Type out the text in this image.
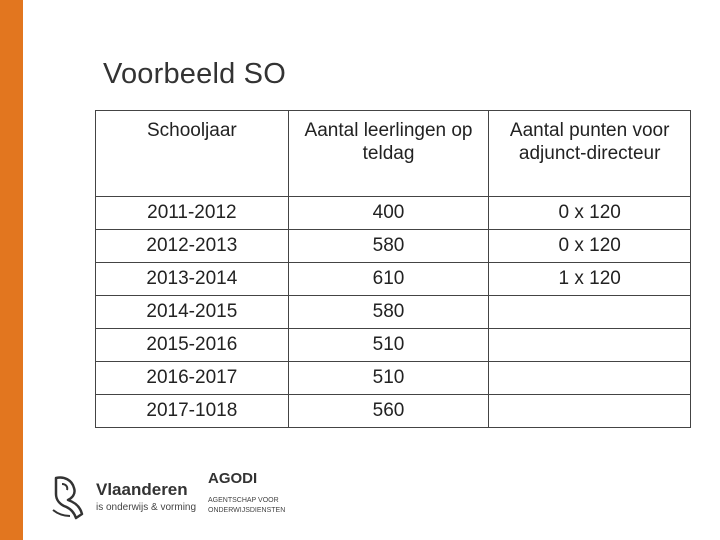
Voorbeeld SO
Schooljaar	Aantal leerlingen op teldag	Aantal punten voor adjunct-directeur
2011-2012	400	0 x 120
2012-2013	580	0 x 120
2013-2014	610	1 x 120
2014-2015	580	
2015-2016	510	
2016-2017	510	
2017-1018	560	
Vlaanderen
is onderwijs & vorming
AGODI
AGENTSCHAP VOOR ONDERWIJSDIENSTEN
